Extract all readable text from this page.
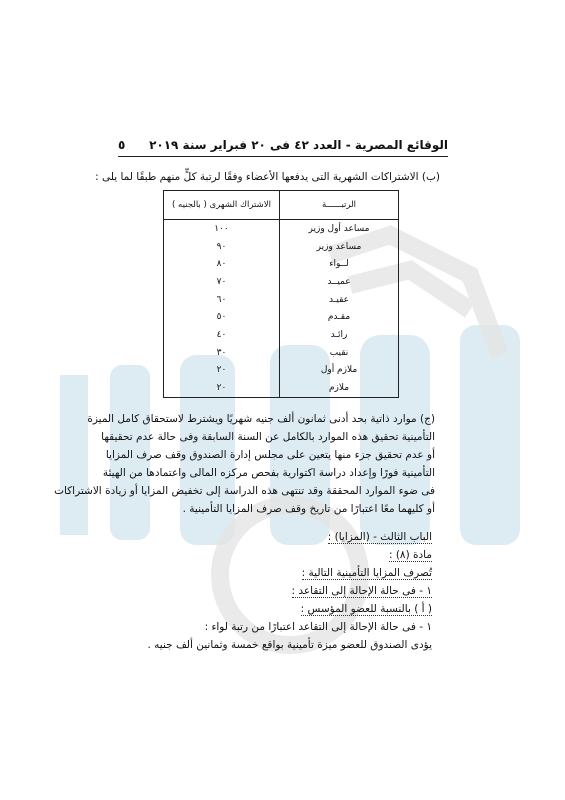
الوقائع المصرية - العدد ٤٢ فى ٢٠ فبراير سنة ٢٠١٩
٥
(ب) الاشتراكات الشهرية التى يدفعها الأعضاء وفقًا لرتبة كلٍّ منهم طبقًا لما يلى :
الرتبــــــة	الاشتراك الشهرى ( بالجنيه )
مساعد أول وزير	١٠٠
مساعد وزير	٩٠
لــواء	٨٠
عميــد	٧٠
عقيـد	٦٠
مقـدم	٥٠
رائـد	٤٠
نقيب	٣٠
ملازم أول	٢٠
ملازم	٢٠

(ج) موارد ذاتية بحد أدنى ثمانون ألف جنيه شهريًا ويشترط لاستحقاق كامل الميزة

التأمينية تحقيق هذه الموارد بالكامل عن السنة السابقة وفى حالة عدم تحقيقها

أو عدم تحقيق جزء منها يتعين على مجلس إدارة الصندوق وقف صرف المزايا

التأمينية فورًا وإعداد دراسة اكتوارية بفحص مركزه المالى واعتمادها من الهيئة

فى ضوء الموارد المحققة وقد تنتهى هذه الدراسة إلى تخفيض المزايا أو زيادة الاشتراكات

أو كليهما معًا اعتبارًا من تاريخ وقف صرف المزايا التأمينية .

الباب الثالث - (المزايا) :

مادة (٨) :

تُصرف المزايا التأمينية التالية :

١ - فى حالة الإحالة إلى التقاعد :

( أ ) بالنسبة للعضو المؤسس :

١ - فى حالة الإحالة إلى التقاعد اعتبارًا من رتبة لواء :

يؤدى الصندوق للعضو ميزة تأمينية بواقع خمسة وثمانين ألف جنيه .
